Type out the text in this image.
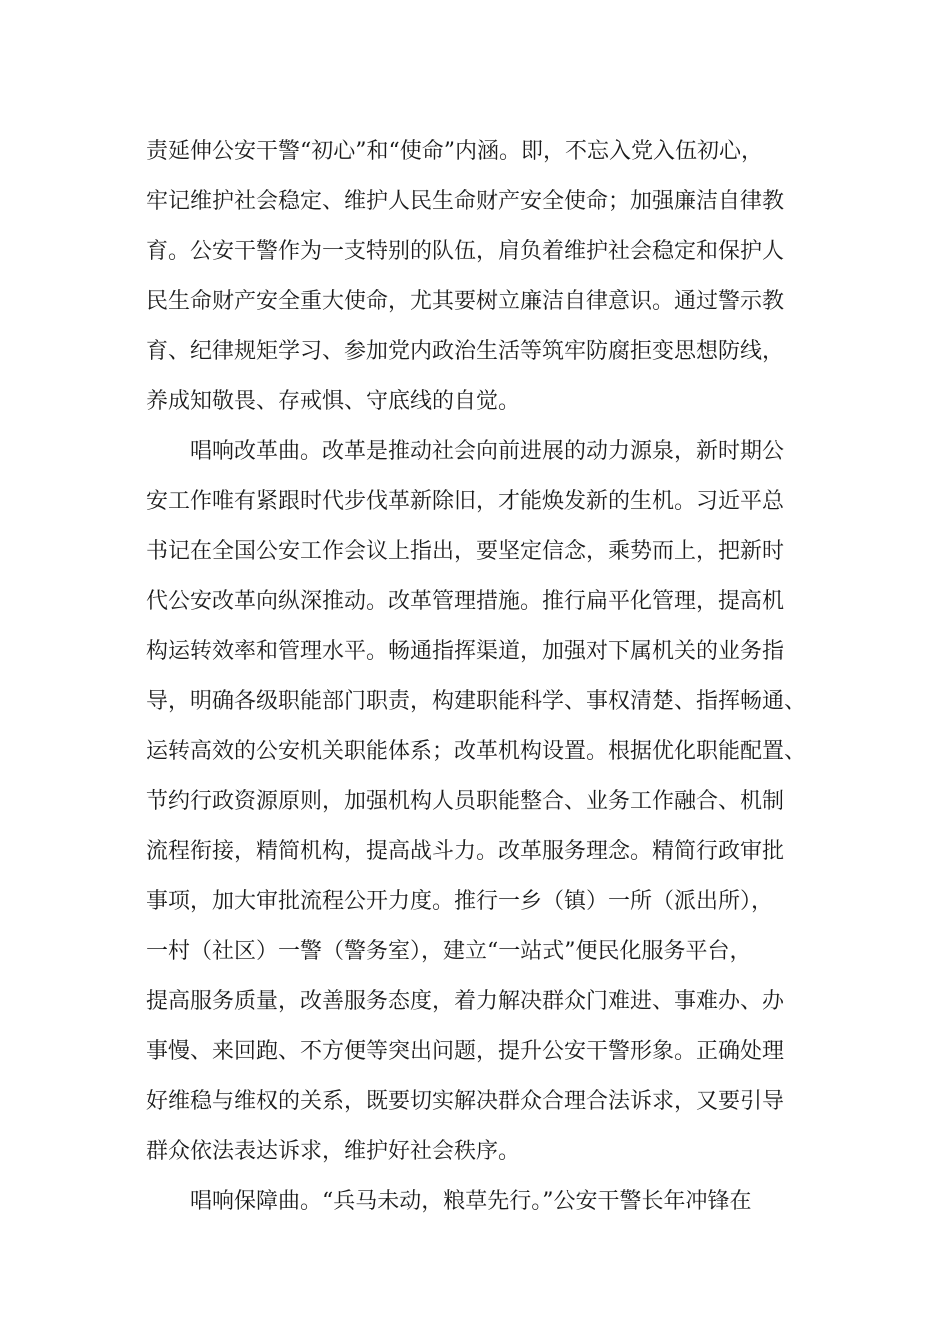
责延伸公安干警“初心”和“使命”内涵。即，不忘入党入伍初心，
牢记维护社会稳定、维护人民生命财产安全使命；加强廉洁自律教
育。公安干警作为一支特别的队伍，肩负着维护社会稳定和保护人
民生命财产安全重大使命，尤其要树立廉洁自律意识。通过警示教
育、纪律规矩学习、参加党内政治生活等筑牢防腐拒变思想防线，
养成知敬畏、存戒惧、守底线的自觉。
唱响改革曲。改革是推动社会向前进展的动力源泉，新时期公
安工作唯有紧跟时代步伐革新除旧，才能焕发新的生机。习近平总
书记在全国公安工作会议上指出，要坚定信念，乘势而上，把新时
代公安改革向纵深推动。改革管理措施。推行扁平化管理，提高机
构运转效率和管理水平。畅通指挥渠道，加强对下属机关的业务指
导，明确各级职能部门职责，构建职能科学、事权清楚、指挥畅通、
运转高效的公安机关职能体系；改革机构设置。根据优化职能配置、
节约行政资源原则，加强机构人员职能整合、业务工作融合、机制
流程衔接，精简机构，提高战斗力。改革服务理念。精简行政审批
事项，加大审批流程公开力度。推行一乡（镇）一所（派出所），
一村（社区）一警（警务室），建立“一站式”便民化服务平台，
提高服务质量，改善服务态度，着力解决群众门难进、事难办、办
事慢、来回跑、不方便等突出问题，提升公安干警形象。正确处理
好维稳与维权的关系，既要切实解决群众合理合法诉求，又要引导
群众依法表达诉求，维护好社会秩序。
唱响保障曲。“兵马未动，粮草先行。”公安干警长年冲锋在
